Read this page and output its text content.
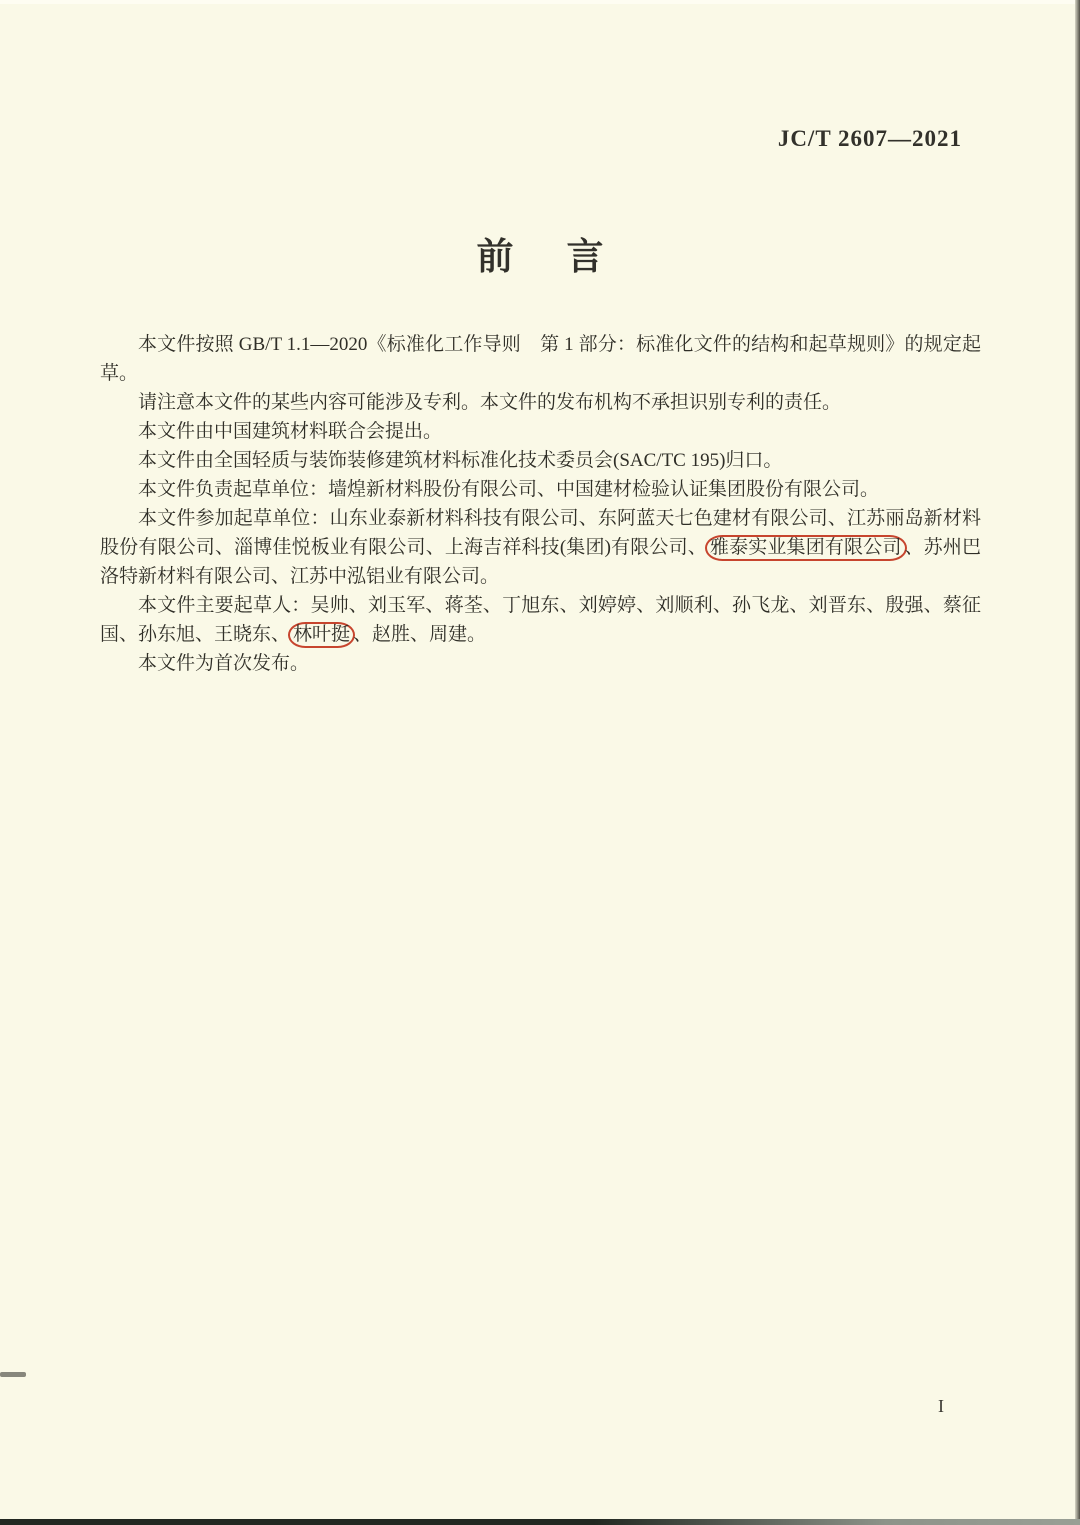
JC/T 2607—2021
前　言

本文件按照 GB/T 1.1—2020《标准化工作导则　第 1 部分：标准化文件的结构和起草规则》的规定起草。

请注意本文件的某些内容可能涉及专利。本文件的发布机构不承担识别专利的责任。

本文件由中国建筑材料联合会提出。

本文件由全国轻质与装饰装修建筑材料标准化技术委员会(SAC/TC 195)归口。

本文件负责起草单位：墙煌新材料股份有限公司、中国建材检验认证集团股份有限公司。

本文件参加起草单位：山东业泰新材料科技有限公司、东阿蓝天七色建材有限公司、江苏丽岛新材料股份有限公司、淄博佳悦板业有限公司、上海吉祥科技(集团)有限公司、 雅泰实业集团有限公司 、苏州巴洛特新材料有限公司、江苏中泓铝业有限公司。

本文件主要起草人：吴帅、刘玉军、蒋荃、丁旭东、刘婷婷、刘顺利、孙飞龙、刘晋东、殷强、蔡征国、孙东旭、王晓东、 林叶挺 、赵胜、周建。

本文件为首次发布。

I
